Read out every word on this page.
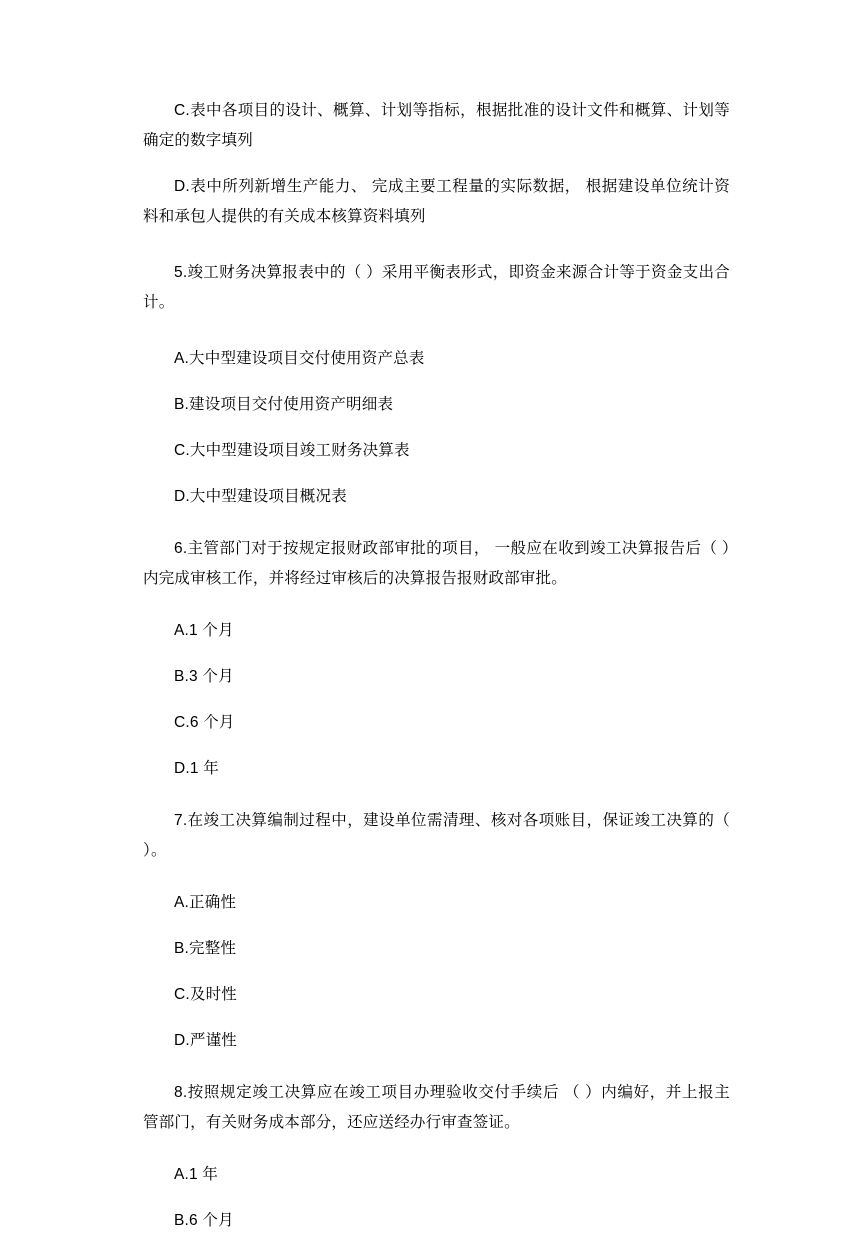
C.表中各项目的设计、概算、计划等指标，根据批准的设计文件和概算、计划等确定的数字填列

D.表中所列新增生产能力、 完成主要工程量的实际数据， 根据建设单位统计资料和承包人提供的有关成本核算资料填列

5.竣工财务决算报表中的（ ）采用平衡表形式，即资金来源合计等于资金支出合计。

A.大中型建设项目交付使用资产总表

B.建设项目交付使用资产明细表

C.大中型建设项目竣工财务决算表

D.大中型建设项目概况表

6.主管部门对于按规定报财政部审批的项目， 一般应在收到竣工决算报告后（ ）内完成审核工作，并将经过审核后的决算报告报财政部审批。

A.1 个月

B.3 个月

C.6 个月

D.1 年

7.在竣工决算编制过程中，建设单位需清理、核对各项账目，保证竣工决算的（ ）。

A.正确性

B.完整性

C.及时性

D.严谨性

8.按照规定竣工决算应在竣工项目办理验收交付手续后 （ ）内编好，并上报主管部门，有关财务成本部分，还应送经办行审查签证。

A.1 年

B.6 个月
